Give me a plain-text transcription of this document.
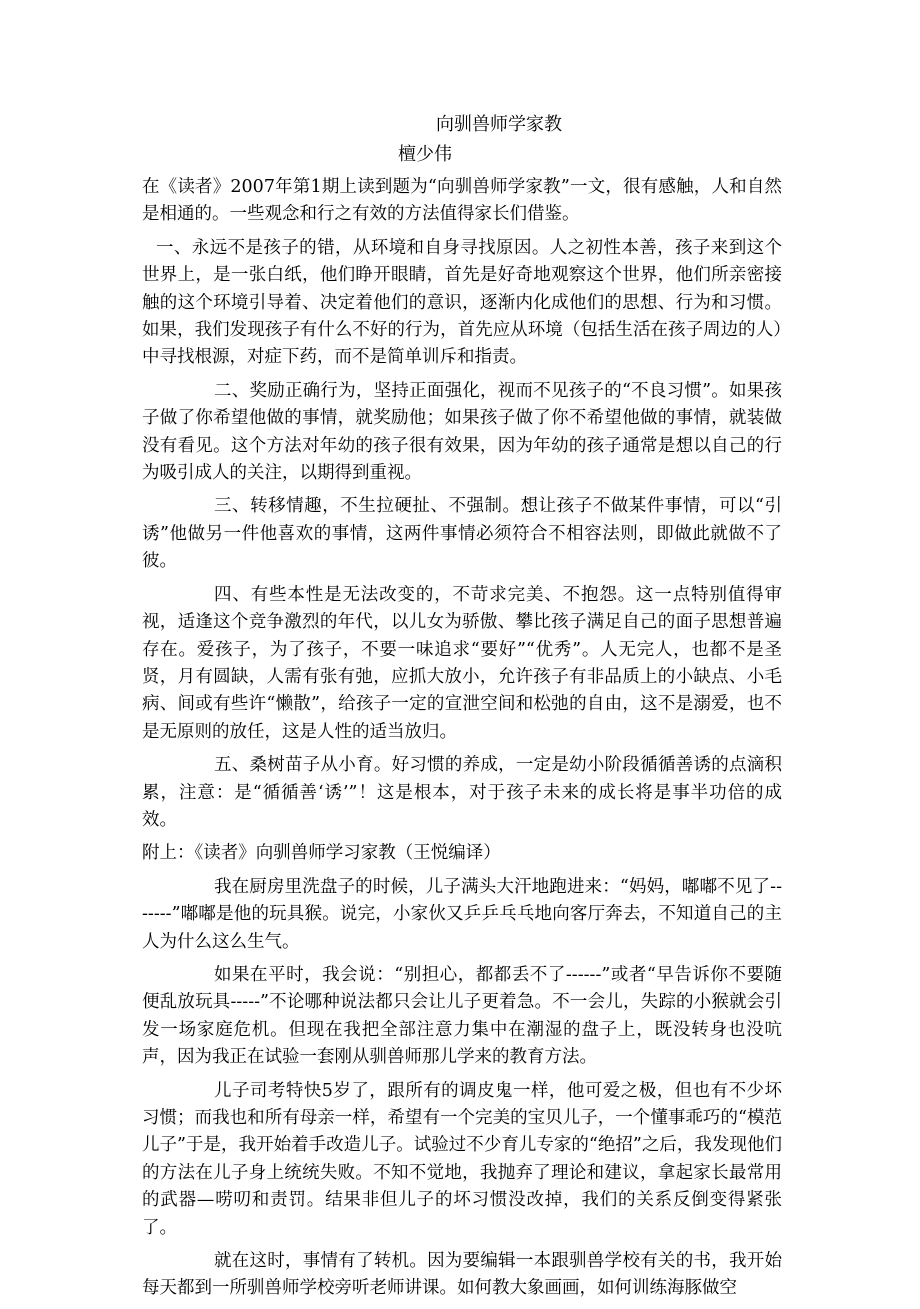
向驯兽师学家教
檀少伟

在《读者》2007年第1期上读到题为“向驯兽师学家教”一文，很有感触，人和自然是相通的。一些观念和行之有效的方法值得家长们借鉴。

一、永远不是孩子的错，从环境和自身寻找原因。人之初性本善，孩子来到这个世界上，是一张白纸，他们睁开眼睛，首先是好奇地观察这个世界，他们所亲密接触的这个环境引导着、决定着他们的意识，逐渐内化成他们的思想、行为和习惯。如果，我们发现孩子有什么不好的行为，首先应从环境（包括生活在孩子周边的人）中寻找根源，对症下药，而不是简单训斥和指责。

二、奖励正确行为，坚持正面强化，视而不见孩子的“不良习惯”。如果孩子做了你希望他做的事情，就奖励他；如果孩子做了你不希望他做的事情，就装做没有看见。这个方法对年幼的孩子很有效果，因为年幼的孩子通常是想以自己的行为吸引成人的关注，以期得到重视。

三、转移情趣，不生拉硬扯、不强制。想让孩子不做某件事情，可以“引诱”他做另一件他喜欢的事情，这两件事情必须符合不相容法则，即做此就做不了彼。

四、有些本性是无法改变的，不苛求完美、不抱怨。这一点特别值得审视，适逢这个竞争激烈的年代，以儿女为骄傲、攀比孩子满足自己的面子思想普遍存在。爱孩子，为了孩子，不要一味追求“要好”“优秀”。人无完人，也都不是圣贤，月有圆缺，人需有张有弛，应抓大放小，允许孩子有非品质上的小缺点、小毛病、间或有些许“懒散”，给孩子一定的宣泄空间和松弛的自由，这不是溺爱，也不是无原则的放任，这是人性的适当放归。

五、桑树苗子从小育。好习惯的养成，一定是幼小阶段循循善诱的点滴积累，注意：是“循循善‘诱’”！这是根本，对于孩子未来的成长将是事半功倍的成效。

附上：《读者》向驯兽师学习家教（王悦编译）

我在厨房里洗盘子的时候，儿子满头大汗地跑进来：“妈妈，嘟嘟不见了-------”嘟嘟是他的玩具猴。说完，小家伙又乒乒乓乓地向客厅奔去，不知道自己的主人为什么这么生气。

如果在平时，我会说：“别担心，都都丢不了------”或者“早告诉你不要随便乱放玩具-----”不论哪种说法都只会让儿子更着急。不一会儿，失踪的小猴就会引发一场家庭危机。但现在我把全部注意力集中在潮湿的盘子上，既没转身也没吭声，因为我正在试验一套刚从驯兽师那儿学来的教育方法。

儿子司考特快5岁了，跟所有的调皮鬼一样，他可爱之极，但也有不少坏习惯；而我也和所有母亲一样，希望有一个完美的宝贝儿子，一个懂事乖巧的“模范儿子”于是，我开始着手改造儿子。试验过不少育儿专家的“绝招”之后，我发现他们的方法在儿子身上统统失败。不知不觉地，我抛弃了理论和建议，拿起家长最常用的武器—唠叨和责罚。结果非但儿子的坏习惯没改掉，我们的关系反倒变得紧张了。

就在这时，事情有了转机。因为要编辑一本跟驯兽学校有关的书，我开始每天都到一所驯兽师学校旁听老师讲课。如何教大象画画，如何训练海豚做空
